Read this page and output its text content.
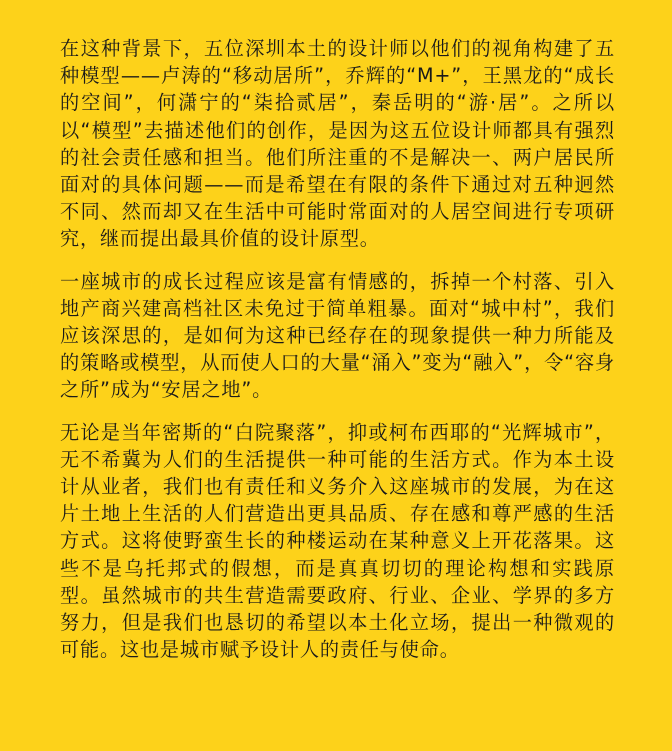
在这种背景下，五位深圳本土的设计师以他们的视角构建了五种模型——卢涛的“移动居所”，乔辉的“M+”，王黑龙的“成长的空间”，何潇宁的“柒拾贰居”，秦岳明的“游·居”。之所以以“模型”去描述他们的创作，是因为这五位设计师都具有强烈的社会责任感和担当。他们所注重的不是解决一、两户居民所面对的具体问题——而是希望在有限的条件下通过对五种迥然不同、然而却又在生活中可能时常面对的人居空间进行专项研究，继而提出最具价值的设计原型。

一座城市的成长过程应该是富有情感的，拆掉一个村落、引入地产商兴建高档社区未免过于简单粗暴。面对“城中村”，我们应该深思的，是如何为这种已经存在的现象提供一种力所能及的策略或模型，从而使人口的大量“涌入”变为“融入”，令“容身之所”成为“安居之地”。

无论是当年密斯的“白院聚落”，抑或柯布西耶的“光辉城市”，无不希冀为人们的生活提供一种可能的生活方式。作为本土设计从业者，我们也有责任和义务介入这座城市的发展，为在这片土地上生活的人们营造出更具品质、存在感和尊严感的生活方式。这将使野蛮生长的种楼运动在某种意义上开花落果。这些不是乌托邦式的假想，而是真真切切的理论构想和实践原型。虽然城市的共生营造需要政府、行业、企业、学界的多方努力，但是我们也恳切的希望以本土化立场，提出一种微观的可能。这也是城市赋予设计人的责任与使命。
